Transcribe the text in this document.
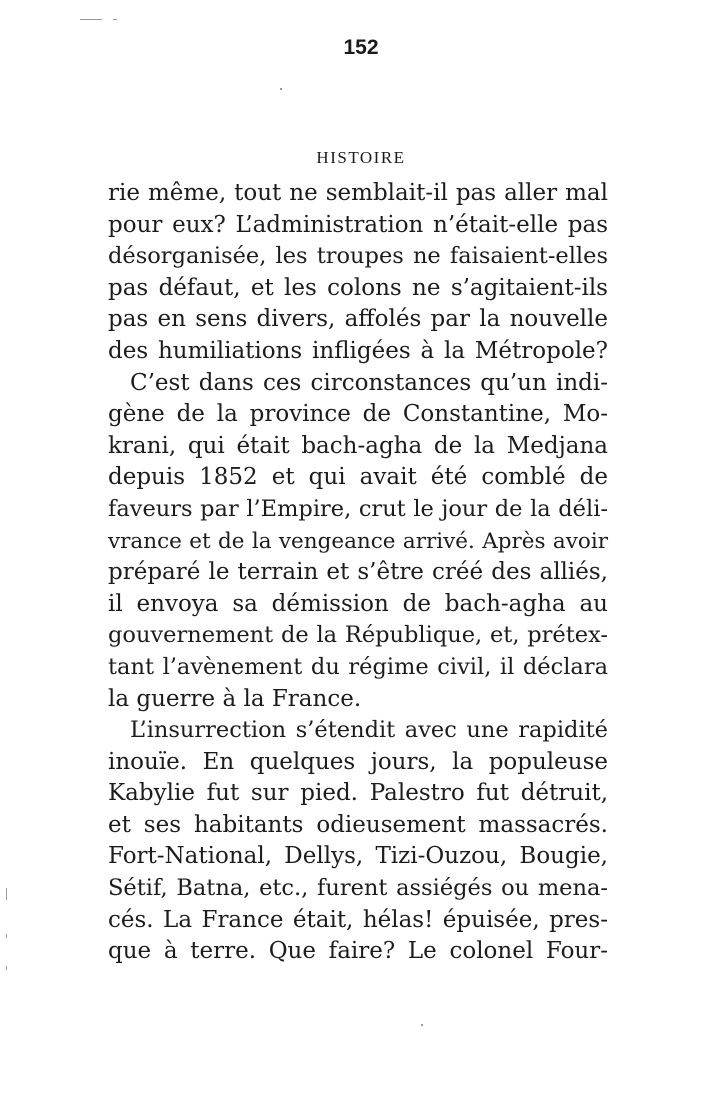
152
HISTOIRE
rie même, tout ne semblait-il pas aller mal
pour eux? L’administration n’était-elle pas
désorganisée, les troupes ne faisaient-elles
pas défaut, et les colons ne s’agitaient-ils
pas en sens divers, affolés par la nouvelle
des humiliations infligées à la Métropole?
C’est dans ces circonstances qu’un indi-
gène de la province de Constantine, Mo-
krani, qui était bach-agha de la Medjana
depuis 1852 et qui avait été comblé de
faveurs par l’Empire, crut le jour de la déli-
vrance et de la vengeance arrivé. Après avoir
préparé le terrain et s’être créé des alliés,
il envoya sa démission de bach-agha au
gouvernement de la République, et, prétex-
tant l’avènement du régime civil, il déclara
la guerre à la France.
L’insurrection s’étendit avec une rapidité
inouïe. En quelques jours, la populeuse
Kabylie fut sur pied. Palestro fut détruit,
et ses habitants odieusement massacrés.
Fort-National, Dellys, Tizi-Ouzou, Bougie,
Sétif, Batna, etc., furent assiégés ou mena-
cés. La France était, hélas! épuisée, pres-
que à terre. Que faire? Le colonel Four-
